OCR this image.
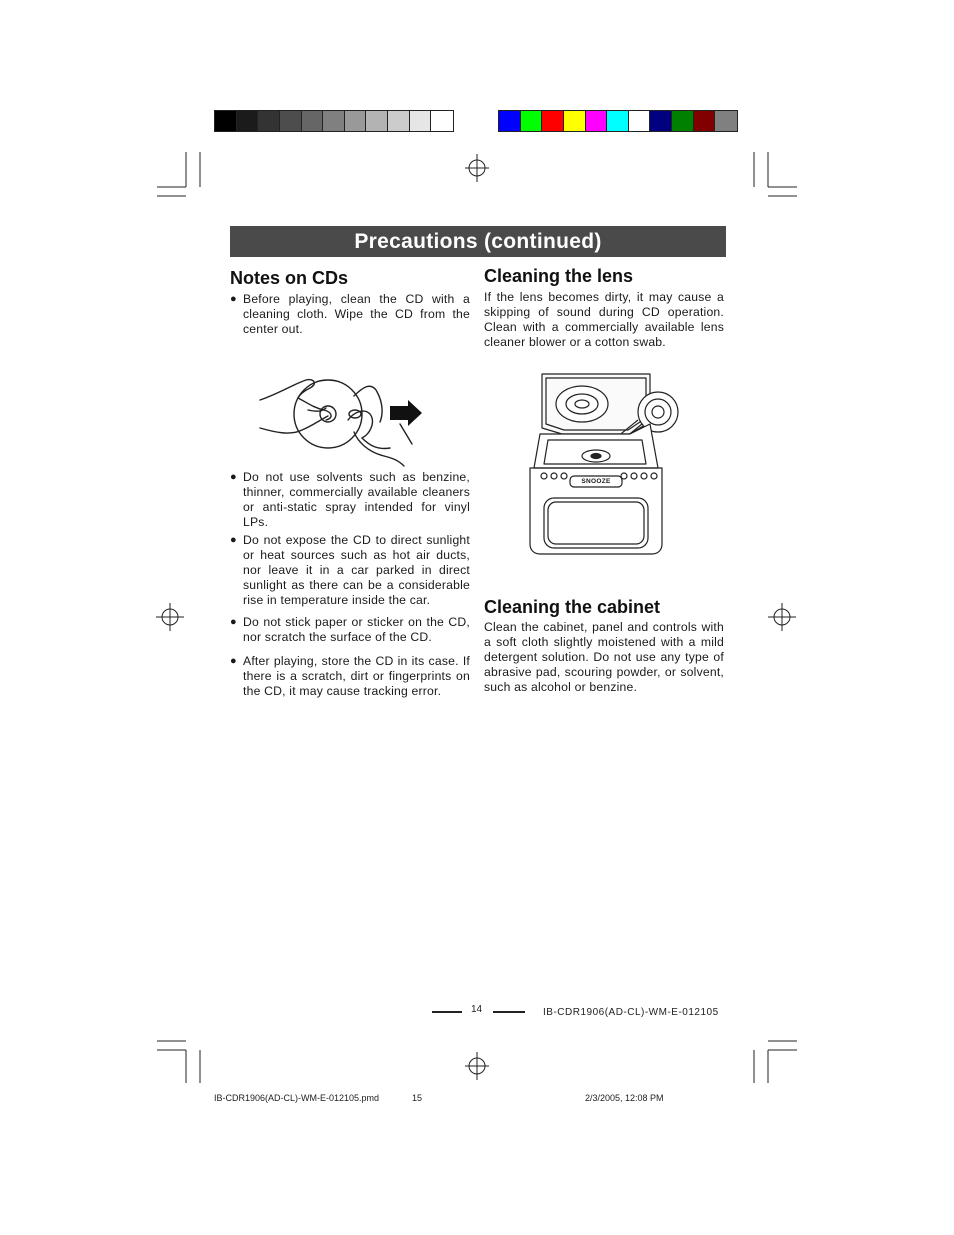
Precautions (continued)
Notes on CDs
● Before playing, clean the CD with a cleaning cloth. Wipe the CD from the center out.
● Do not use solvents such as benzine, thinner, commercially available cleaners or anti-static spray intended for vinyl LPs.
● Do not expose the CD to direct sunlight or heat sources such as hot air ducts, nor leave it in a car parked in direct sunlight as there can be a considerable rise in temperature inside the car.
● Do not stick paper or sticker on the CD, nor scratch the surface of the CD.
● After playing, store the CD in its case. If there is a scratch, dirt or fingerprints on the CD, it may cause tracking error.
Cleaning the lens
If the lens becomes dirty, it may cause a skipping of sound during CD operation. Clean with a commercially available lens cleaner blower or a cotton swab.
SNOOZE
Cleaning the cabinet
Clean the cabinet, panel and controls with a soft cloth slightly moistened with a mild detergent solution. Do not use any type of abrasive pad, scouring powder, or solvent, such as alcohol or benzine.
14	IB-CDR1906(AD-CL)-WM-E-012105
IB-CDR1906(AD-CL)-WM-E-012105.pmd	15	2/3/2005, 12:08 PM
